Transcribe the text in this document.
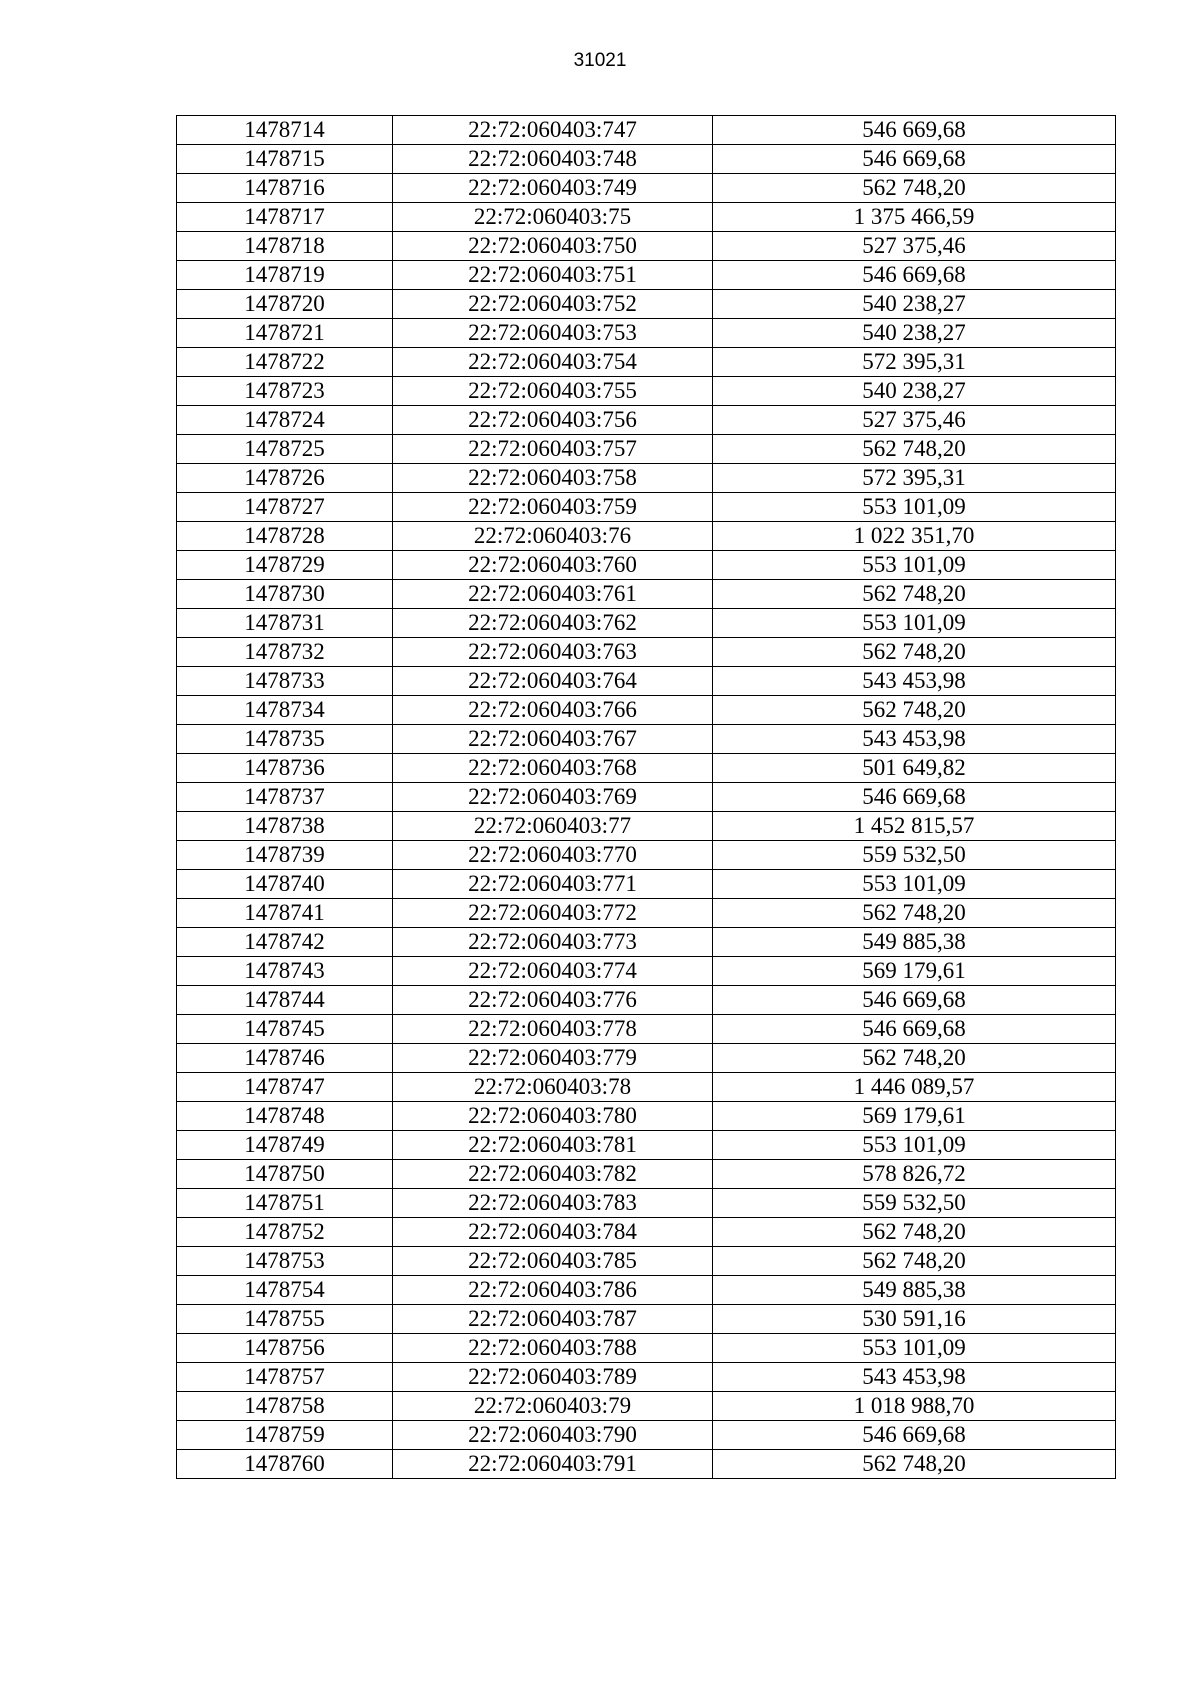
31021
1478714	22:72:060403:747	546 669,68
1478715	22:72:060403:748	546 669,68
1478716	22:72:060403:749	562 748,20
1478717	22:72:060403:75	1 375 466,59
1478718	22:72:060403:750	527 375,46
1478719	22:72:060403:751	546 669,68
1478720	22:72:060403:752	540 238,27
1478721	22:72:060403:753	540 238,27
1478722	22:72:060403:754	572 395,31
1478723	22:72:060403:755	540 238,27
1478724	22:72:060403:756	527 375,46
1478725	22:72:060403:757	562 748,20
1478726	22:72:060403:758	572 395,31
1478727	22:72:060403:759	553 101,09
1478728	22:72:060403:76	1 022 351,70
1478729	22:72:060403:760	553 101,09
1478730	22:72:060403:761	562 748,20
1478731	22:72:060403:762	553 101,09
1478732	22:72:060403:763	562 748,20
1478733	22:72:060403:764	543 453,98
1478734	22:72:060403:766	562 748,20
1478735	22:72:060403:767	543 453,98
1478736	22:72:060403:768	501 649,82
1478737	22:72:060403:769	546 669,68
1478738	22:72:060403:77	1 452 815,57
1478739	22:72:060403:770	559 532,50
1478740	22:72:060403:771	553 101,09
1478741	22:72:060403:772	562 748,20
1478742	22:72:060403:773	549 885,38
1478743	22:72:060403:774	569 179,61
1478744	22:72:060403:776	546 669,68
1478745	22:72:060403:778	546 669,68
1478746	22:72:060403:779	562 748,20
1478747	22:72:060403:78	1 446 089,57
1478748	22:72:060403:780	569 179,61
1478749	22:72:060403:781	553 101,09
1478750	22:72:060403:782	578 826,72
1478751	22:72:060403:783	559 532,50
1478752	22:72:060403:784	562 748,20
1478753	22:72:060403:785	562 748,20
1478754	22:72:060403:786	549 885,38
1478755	22:72:060403:787	530 591,16
1478756	22:72:060403:788	553 101,09
1478757	22:72:060403:789	543 453,98
1478758	22:72:060403:79	1 018 988,70
1478759	22:72:060403:790	546 669,68
1478760	22:72:060403:791	562 748,20
